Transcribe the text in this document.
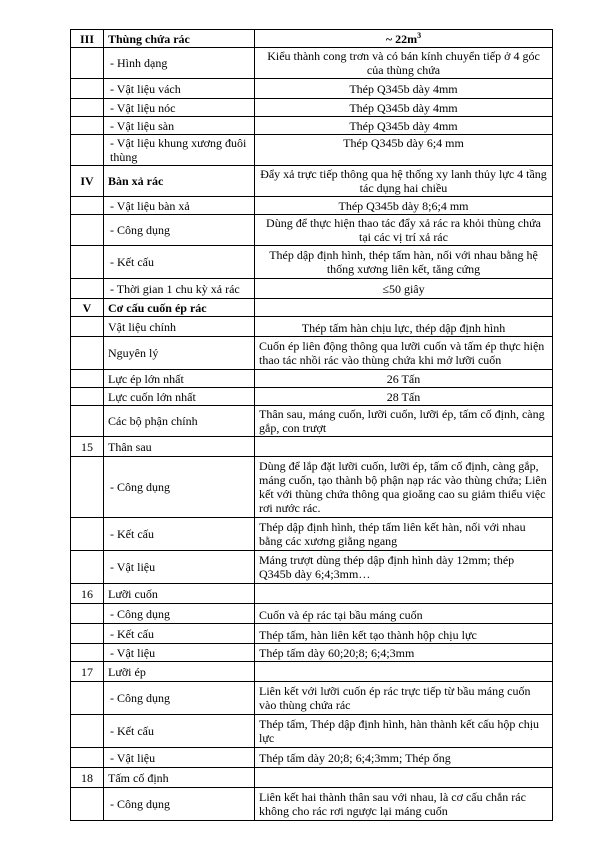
III	Thùng chứa rác	~ $22m^3$
	- Hình dạng	Kiểu thành cong trơn và có bán kính chuyển tiếp ở 4 góc của thùng chứa
	- Vật liệu vách	Thép Q345b dày 4mm
	- Vật liệu nóc	Thép Q345b dày 4mm
	- Vật liệu sàn	Thép Q345b dày 4mm
	- Vật liệu khung xương đuôi thùng	Thép Q345b dày 6;4 mm
IV	Bàn xả rác	Đẩy xả trực tiếp thông qua hệ thống xy lanh thủy lực 4 tầng tác dụng hai chiều
	- Vật liệu bàn xả	Thép Q345b dày 8;6;4 mm
	- Công dụng	Dùng để thực hiện thao tác đẩy xả rác ra khỏi thùng chứa tại các vị trí xả rác
	- Kết cấu	Thép dập định hình, thép tấm hàn, nối với nhau bằng hệ thống xương liên kết, tăng cứng
	- Thời gian 1 chu kỳ xả rác	≤50 giây
V	Cơ cấu cuốn ép rác	
	Vật liệu chính	Thép tấm hàn chịu lực, thép dập định hình
	Nguyên lý	Cuốn ép liên động thông qua lưỡi cuốn và tấm ép thực hiện thao tác nhồi rác vào thùng chứa khi mở lưỡi cuốn
	Lực ép lớn nhất	26 Tấn
	Lực cuốn lớn nhất	28 Tấn
	Các bộ phận chính	Thân sau, máng cuốn, lưỡi cuốn, lưỡi ép, tấm cố định, càng gắp, con trượt
15	Thân sau	
	- Công dụng	Dùng để lắp đặt lưỡi cuốn, lưỡi ép, tấm cố định, càng gắp, máng cuốn, tạo thành bộ phận nạp rác vào thùng chứa; Liên kết với thùng chứa thông qua gioăng cao su giảm thiểu việc rơi nước rác.
	- Kết cấu	Thép dập định hình, thép tấm liên kết hàn, nối với nhau bằng các xương giằng ngang
	- Vật liệu	Máng trượt dùng thép dập định hình dày 12mm; thép Q345b dày 6;4;3mm…
16	Lưỡi cuốn	
	- Công dụng	Cuốn và ép rác tại bầu máng cuốn
	- Kết cấu	Thép tấm, hàn liên kết tạo thành hộp chịu lực
	- Vật liệu	Thép tấm dày 60;20;8; 6;4;3mm
17	Lưỡi ép	
	- Công dụng	Liên kết với lưỡi cuốn ép rác trực tiếp từ bầu máng cuốn vào thùng chứa rác
	- Kết cấu	Thép tấm, Thép dập định hình, hàn thành kết cấu hộp chịu lực
	- Vật liệu	Thép tấm dày 20;8; 6;4;3mm; Thép ống
18	Tấm cố định	
	- Công dụng	Liên kết hai thành thân sau với nhau, là cơ cấu chắn rác không cho rác rơi ngược lại máng cuốn
